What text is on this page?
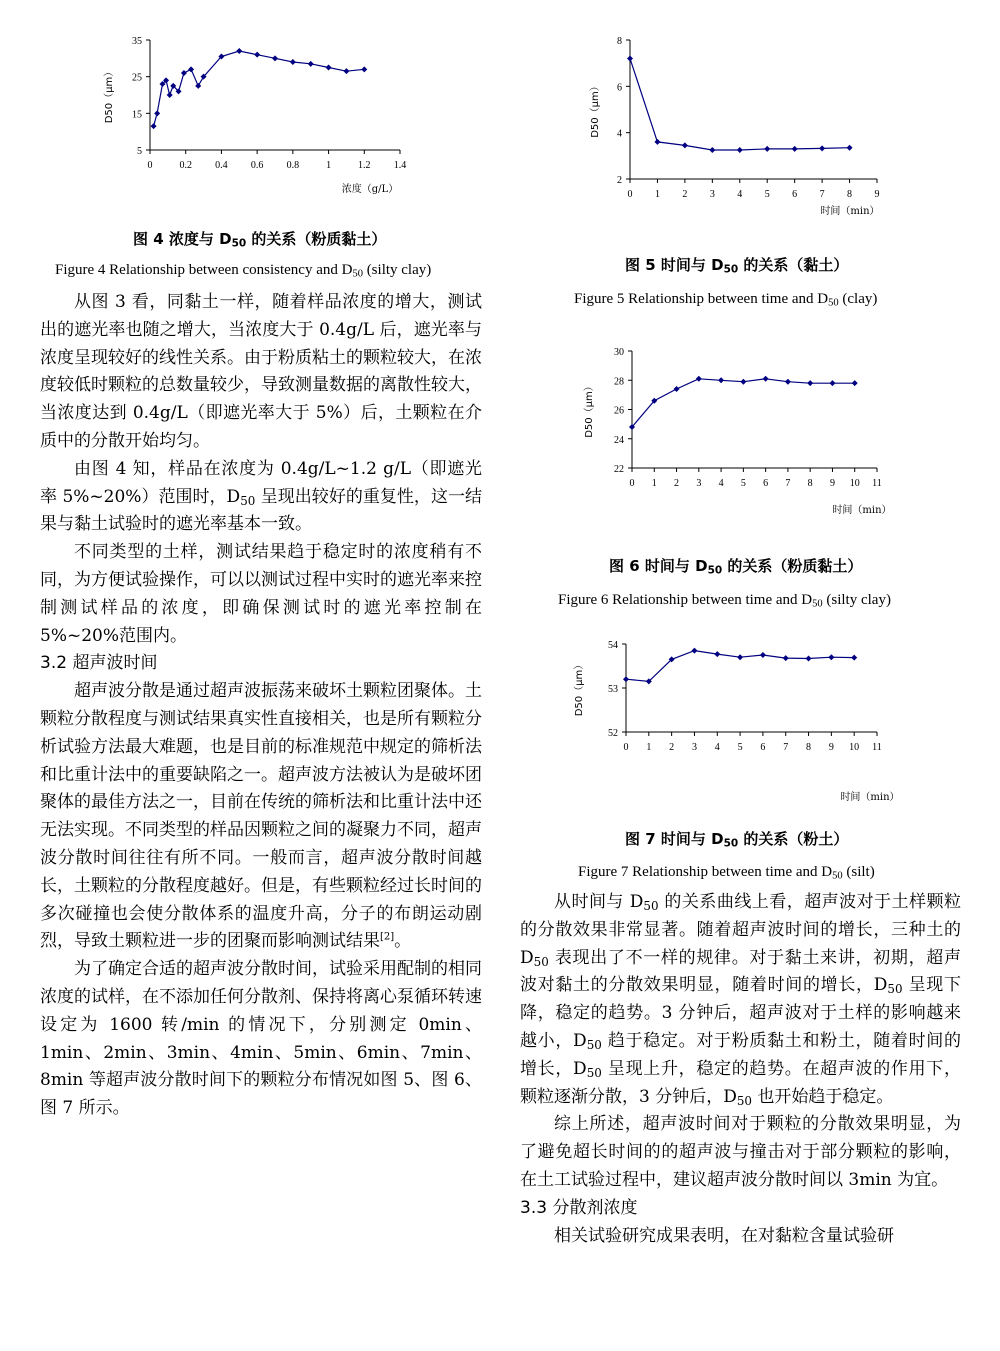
5
15
25
35
0	0.2 0.4 0.6 0.8	1	1.2 1.4
D50（μm）
浓度（g/L）
图 4 浓度与 $D_{50}$ 的关系（粉质黏土）
Figure 4 Relationship between consistency and $D_{50}$ (silty clay)
2
4
6
8
0 1 2 3 4 5 6 7 8 9
D50（μm）
时间（min）
图 5 时间与 $D_{50}$ 的关系（黏土）
Figure 5 Relationship between time and $D_{50}$ (clay)
22
24
26
28
30
0 1 2 3 4 5 6 7 8 9 10 11
D50（μm）
时间（min）
图 6 时间与 $D_{50}$ 的关系（粉质黏土）
Figure 6 Relationship between time and $D_{50}$ (silty clay)
52
53
54
0 1 2 3 4 5 6 7 8 9 10 11
D50（μm）
时间（min）
图 7 时间与 $D_{50}$ 的关系（粉土）
Figure 7 Relationship between time and $D_{50}$ (silt)

从图 3 看，同黏土一样，随着样品浓度的增大，测试出的遮光率也随之增大，当浓度大于 0.4g/L 后，遮光率与浓度呈现较好的线性关系。由于粉质粘土的颗粒较大，在浓度较低时颗粒的总数量较少，导致测量数据的离散性较大，当浓度达到 0.4g/L（即遮光率大于 5%）后，土颗粒在介质中的分散开始均匀。

由图 4 知，样品在浓度为 0.4g/L~1.2 g/L（即遮光率 5%~20%）范围时，$D_{50}$ 呈现出较好的重复性，这一结果与黏土试验时的遮光率基本一致。

不同类型的土样，测试结果趋于稳定时的浓度稍有不同，为方便试验操作，可以以测试过程中实时的遮光率来控制测试样品的浓度，即确保测试时的遮光率控制在 5%~20%范围内。

3.2 超声波时间

超声波分散是通过超声波振荡来破坏土颗粒团聚体。土颗粒分散程度与测试结果真实性直接相关，也是所有颗粒分析试验方法最大难题，也是目前的标准规范中规定的筛析法和比重计法中的重要缺陷之一。超声波方法被认为是破坏团聚体的最佳方法之一，目前在传统的筛析法和比重计法中还无法实现。不同类型的样品因颗粒之间的凝聚力不同，超声波分散时间往往有所不同。一般而言，超声波分散时间越长，土颗粒的分散程度越好。但是，有些颗粒经过长时间的多次碰撞也会使分散体系的温度升高，分子的布朗运动剧烈，导致土颗粒进一步的团聚而影响测试结果[2]。

为了确定合适的超声波分散时间，试验采用配制的相同浓度的试样，在不添加任何分散剂、保持将离心泵循环转速设定为 1600 转/min 的情况下，分别测定 0min、1min、2min、3min、4min、5min、6min、7min、8min 等超声波分散时间下的颗粒分布情况如图 5、图 6、图 7 所示。

从时间与 $D_{50}$ 的关系曲线上看，超声波对于土样颗粒的分散效果非常显著。随着超声波时间的增长，三种土的 $D_{50}$ 表现出了不一样的规律。对于黏土来讲，初期，超声波对黏土的分散效果明显，随着时间的增长，$D_{50}$ 呈现下降，稳定的趋势。3 分钟后，超声波对于土样的影响越来越小，$D_{50}$ 趋于稳定。对于粉质黏土和粉土，随着时间的增长，$D_{50}$ 呈现上升，稳定的趋势。在超声波的作用下，颗粒逐渐分散，3 分钟后，$D_{50}$ 也开始趋于稳定。

综上所述，超声波时间对于颗粒的分散效果明显，为了避免超长时间的的超声波与撞击对于部分颗粒的影响，在土工试验过程中，建议超声波分散时间以 3min 为宜。

3.3 分散剂浓度

相关试验研究成果表明，在对黏粒含量试验研
